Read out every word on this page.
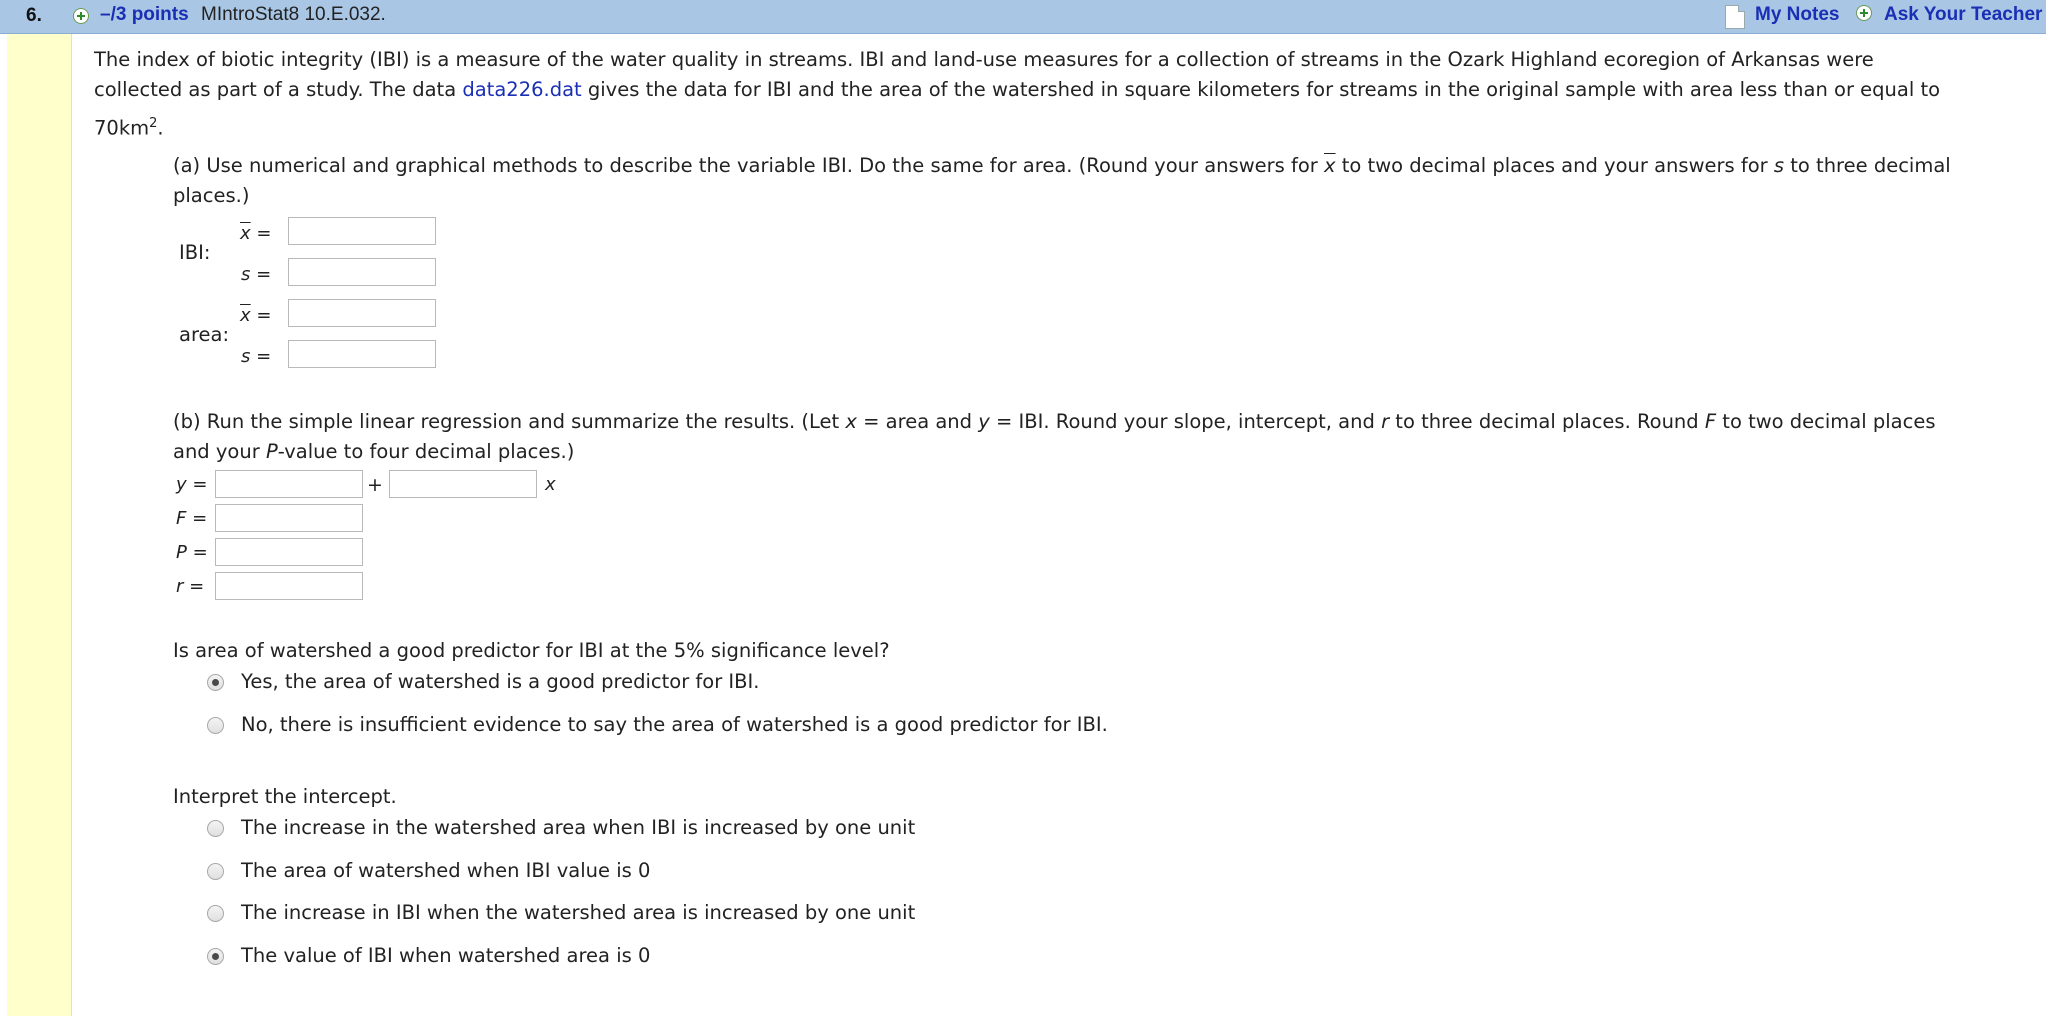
6.	–/3 points MIntroStat8 10.E.032.	My Notes Ask Your Teacher
The index of biotic integrity (IBI) is a measure of the water quality in streams. IBI and land-use measures for a collection of streams in the Ozark Highland ecoregion of Arkansas were
collected as part of a study. The data data226.dat gives the data for IBI and the area of the watershed in square kilometers for streams in the original sample with area less than or equal to
$70km^2$.
(a) Use numerical and graphical methods to describe the variable IBI. Do the same for area. (Round your answers for $\overline{x}$ to two decimal places and your answers for s to three decimal
places.)
IBI:
$\overline{x}$ =
s =
area:
$\overline{x}$ =
s =
(b) Run the simple linear regression and summarize the results. (Let x = area and y = IBI. Round your slope, intercept, and r to three decimal places. Round F to two decimal places
and your P-value to four decimal places.)
y =	+	x
F =
P =
r =
Is area of watershed a good predictor for IBI at the 5% significance level?
Yes, the area of watershed is a good predictor for IBI.
No, there is insufficient evidence to say the area of watershed is a good predictor for IBI.
Interpret the intercept.
The increase in the watershed area when IBI is increased by one unit
The area of watershed when IBI value is 0
The increase in IBI when the watershed area is increased by one unit
The value of IBI when watershed area is 0
